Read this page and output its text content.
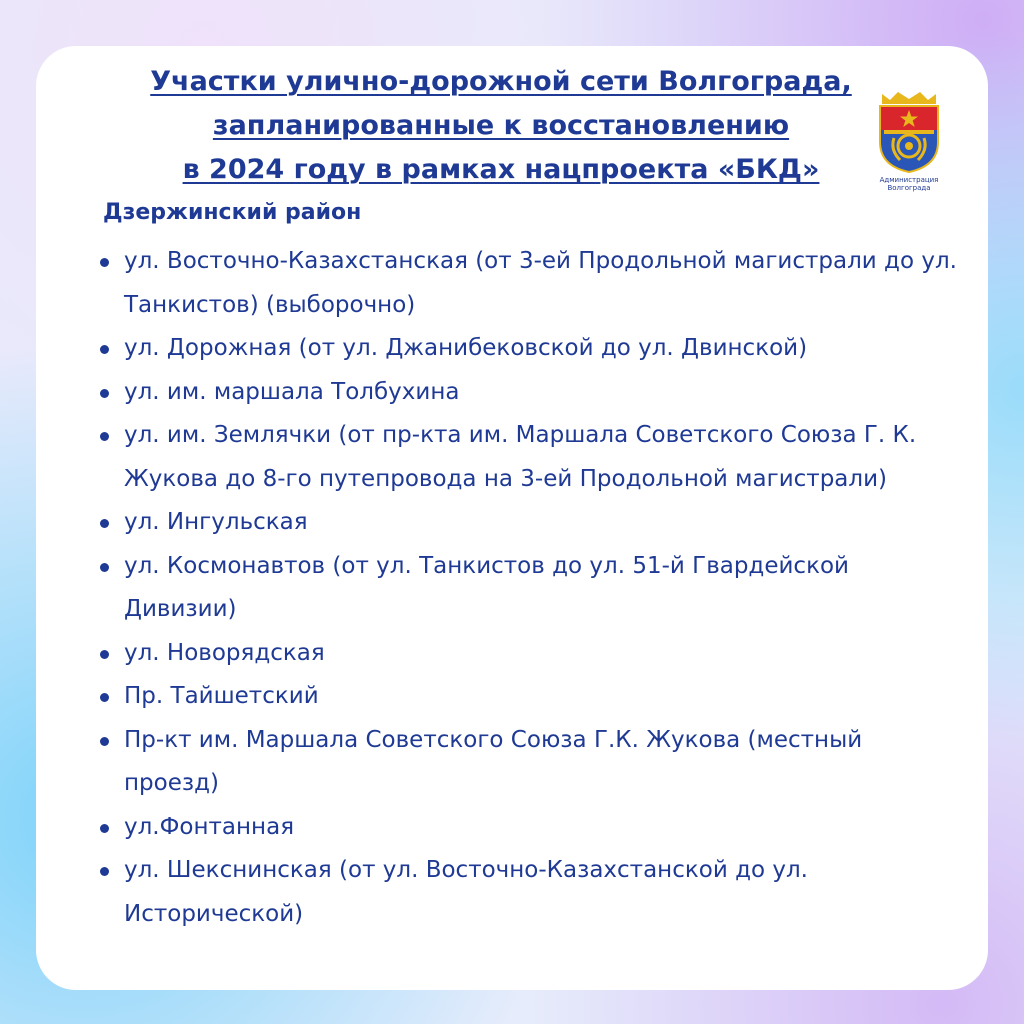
Участки улично-дорожной сети Волгограда,
запланированные к восстановлению
в 2024 году в рамках нацпроекта «БКД»	Администрация Волгограда
Дзержинский район
ул. Восточно-Казахстанская (от 3-ей Продольной магистрали до ул. Танкистов) (выборочно)
ул. Дорожная (от ул. Джанибековской до ул. Двинской)
ул. им. маршала Толбухина
ул. им. Землячки (от пр-кта им. Маршала Советского Союза Г. К. Жукова до 8-го путепровода на 3-ей Продольной магистрали)
ул. Ингульская
ул. Космонавтов (от ул. Танкистов до ул. 51-й Гвардейской Дивизии)
ул. Новорядская
Пр. Тайшетский
Пр-кт им. Маршала Советского Союза Г.К. Жукова (местный проезд)
ул.Фонтанная
ул. Шекснинская (от ул. Восточно-Казахстанской до ул. Исторической)
